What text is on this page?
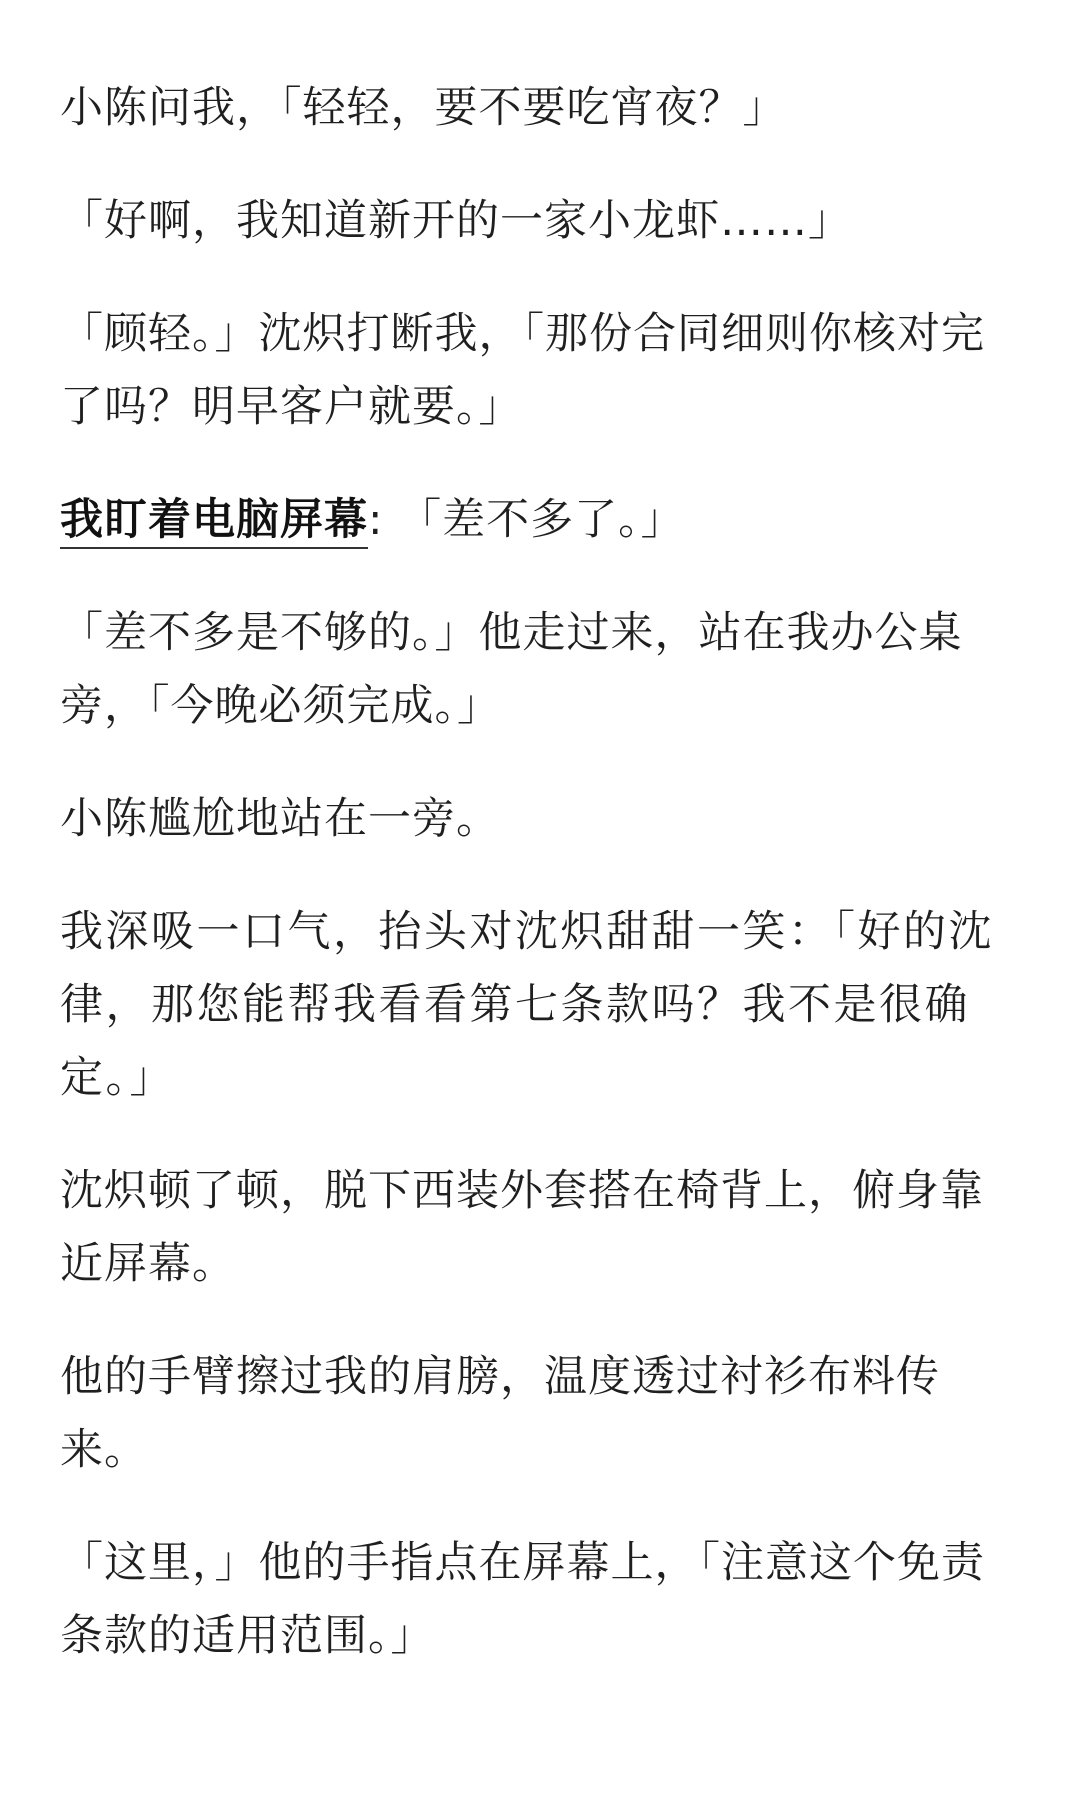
小陈问我，「轻轻，要不要吃宵夜？」

「好啊，我知道新开的一家小龙虾……」

「顾轻。」沈炽打断我，「那份合同细则你核对完了吗？明早客户就要。」

我盯着电脑屏幕: 「差不多了。」

「差不多是不够的。」他走过来，站在我办公桌旁，「今晚必须完成。」

小陈尴尬地站在一旁。

我深吸一口气，抬头对沈炽甜甜一笑：「好的沈律，那您能帮我看看第七条款吗？我不是很确定。」

沈炽顿了顿，脱下西装外套搭在椅背上，俯身靠近屏幕。

他的手臂擦过我的肩膀，温度透过衬衫布料传来。

「这里，」他的手指点在屏幕上，「注意这个免责条款的适用范围。」
